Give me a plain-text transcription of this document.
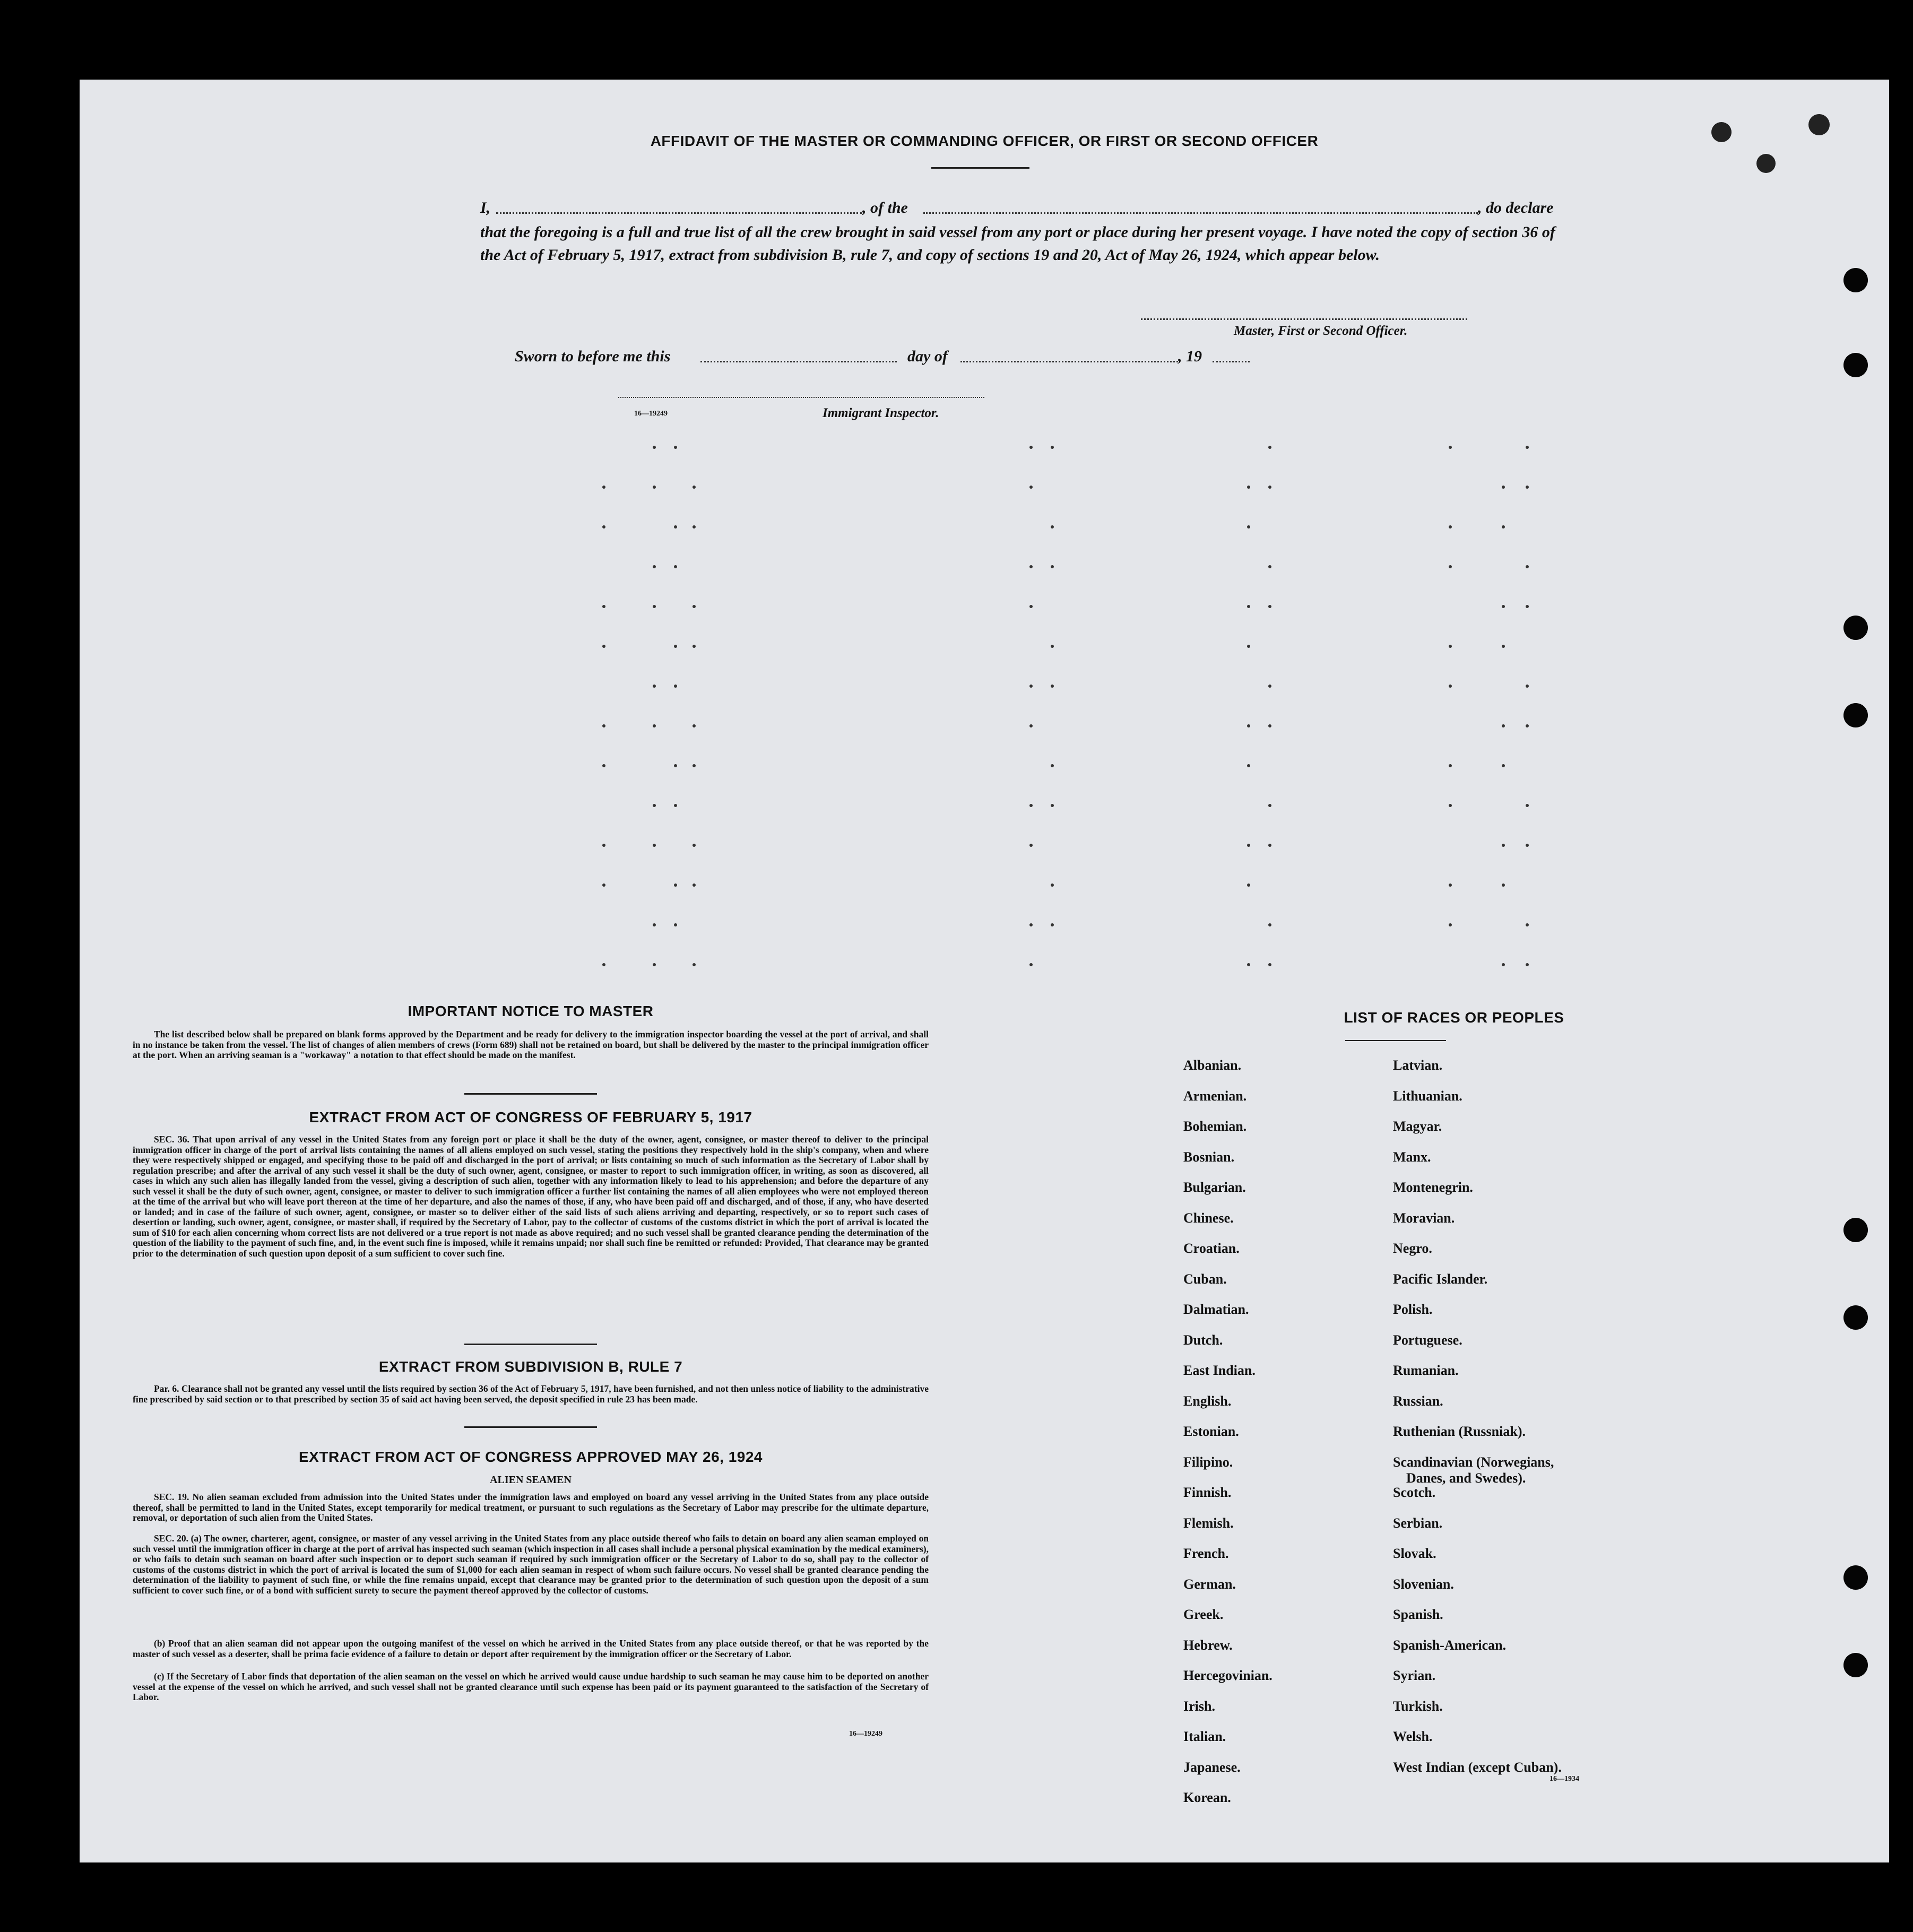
AFFIDAVIT OF THE MASTER OR COMMANDING OFFICER, OR FIRST OR SECOND OFFICER
I,	, of the	, do declare
that the foregoing is a full and true list of all the crew brought in said vessel from any port or place during her present voyage. I have noted the copy of section 36 of the Act of February 5, 1917, extract from subdivision B, rule 7, and copy of sections 19 and 20, Act of May 26, 1924, which appear below.
Master, First or Second Officer.
Sworn to before me this	day of	, 19
16—19249	Immigrant Inspector.
IMPORTANT NOTICE TO MASTER
The list described below shall be prepared on blank forms approved by the Department and be ready for delivery to the immigration inspector boarding the vessel at the port of arrival, and shall in no instance be taken from the vessel. The list of changes of alien members of crews (Form 689) shall not be retained on board, but shall be delivered by the master to the principal immigration officer at the port. When an arriving seaman is a "workaway" a notation to that effect should be made on the manifest.
EXTRACT FROM ACT OF CONGRESS OF FEBRUARY 5, 1917
SEC. 36. That upon arrival of any vessel in the United States from any foreign port or place it shall be the duty of the owner, agent, consignee, or master thereof to deliver to the principal immigration officer in charge of the port of arrival lists containing the names of all aliens employed on such vessel, stating the positions they respectively hold in the ship's company, when and where they were respectively shipped or engaged, and specifying those to be paid off and discharged in the port of arrival; or lists containing so much of such information as the Secretary of Labor shall by regulation prescribe; and after the arrival of any such vessel it shall be the duty of such owner, agent, consignee, or master to report to such immigration officer, in writing, as soon as discovered, all cases in which any such alien has illegally landed from the vessel, giving a description of such alien, together with any information likely to lead to his apprehension; and before the departure of any such vessel it shall be the duty of such owner, agent, consignee, or master to deliver to such immigration officer a further list containing the names of all alien employees who were not employed thereon at the time of the arrival but who will leave port thereon at the time of her departure, and also the names of those, if any, who have been paid off and discharged, and of those, if any, who have deserted or landed; and in case of the failure of such owner, agent, consignee, or master so to deliver either of the said lists of such aliens arriving and departing, respectively, or so to report such cases of desertion or landing, such owner, agent, consignee, or master shall, if required by the Secretary of Labor, pay to the collector of customs of the customs district in which the port of arrival is located the sum of $10 for each alien concerning whom correct lists are not delivered or a true report is not made as above required; and no such vessel shall be granted clearance pending the determination of the question of the liability to the payment of such fine, and, in the event such fine is imposed, while it remains unpaid; nor shall such fine be remitted or refunded: Provided, That clearance may be granted prior to the determination of such question upon deposit of a sum sufficient to cover such fine.
EXTRACT FROM SUBDIVISION B, RULE 7
Par. 6. Clearance shall not be granted any vessel until the lists required by section 36 of the Act of February 5, 1917, have been furnished, and not then unless notice of liability to the administrative fine prescribed by said section or to that prescribed by section 35 of said act having been served, the deposit specified in rule 23 has been made.
EXTRACT FROM ACT OF CONGRESS APPROVED MAY 26, 1924
ALIEN SEAMEN
SEC. 19. No alien seaman excluded from admission into the United States under the immigration laws and employed on board any vessel arriving in the United States from any place outside thereof, shall be permitted to land in the United States, except temporarily for medical treatment, or pursuant to such regulations as the Secretary of Labor may prescribe for the ultimate departure, removal, or deportation of such alien from the United States.
SEC. 20. (a) The owner, charterer, agent, consignee, or master of any vessel arriving in the United States from any place outside thereof who fails to detain on board any alien seaman employed on such vessel until the immigration officer in charge at the port of arrival has inspected such seaman (which inspection in all cases shall include a personal physical examination by the medical examiners), or who fails to detain such seaman on board after such inspection or to deport such seaman if required by such immigration officer or the Secretary of Labor to do so, shall pay to the collector of customs of the customs district in which the port of arrival is located the sum of $1,000 for each alien seaman in respect of whom such failure occurs. No vessel shall be granted clearance pending the determination of the liability to payment of such fine, or while the fine remains unpaid, except that clearance may be granted prior to the determination of such question upon the deposit of a sum sufficient to cover such fine, or of a bond with sufficient surety to secure the payment thereof approved by the collector of customs.
(b) Proof that an alien seaman did not appear upon the outgoing manifest of the vessel on which he arrived in the United States from any place outside thereof, or that he was reported by the master of such vessel as a deserter, shall be prima facie evidence of a failure to detain or deport after requirement by the immigration officer or the Secretary of Labor.
(c) If the Secretary of Labor finds that deportation of the alien seaman on the vessel on which he arrived would cause undue hardship to such seaman he may cause him to be deported on another vessel at the expense of the vessel on which he arrived, and such vessel shall not be granted clearance until such expense has been paid or its payment guaranteed to the satisfaction of the Secretary of Labor.
16—19249
LIST OF RACES OR PEOPLES
Albanian.
Armenian.
Bohemian.
Bosnian.
Bulgarian.
Chinese.
Croatian.
Cuban.
Dalmatian.
Dutch.
East Indian.
English.
Estonian.
Filipino.
Finnish.
Flemish.
French.
German.
Greek.
Hebrew.
Hercegovinian.
Irish.
Italian.
Japanese.
Korean.
Latvian.
Lithuanian.
Magyar.
Manx.
Montenegrin.
Moravian.
Negro.
Pacific Islander.
Polish.
Portuguese.
Rumanian.
Russian.
Ruthenian (Russniak).
Scandinavian (Norwegians,
Danes, and Swedes).
Scotch.
Serbian.
Slovak.
Slovenian.
Spanish.
Spanish-American.
Syrian.
Turkish.
Welsh.
West Indian (except Cuban).
16—1934
